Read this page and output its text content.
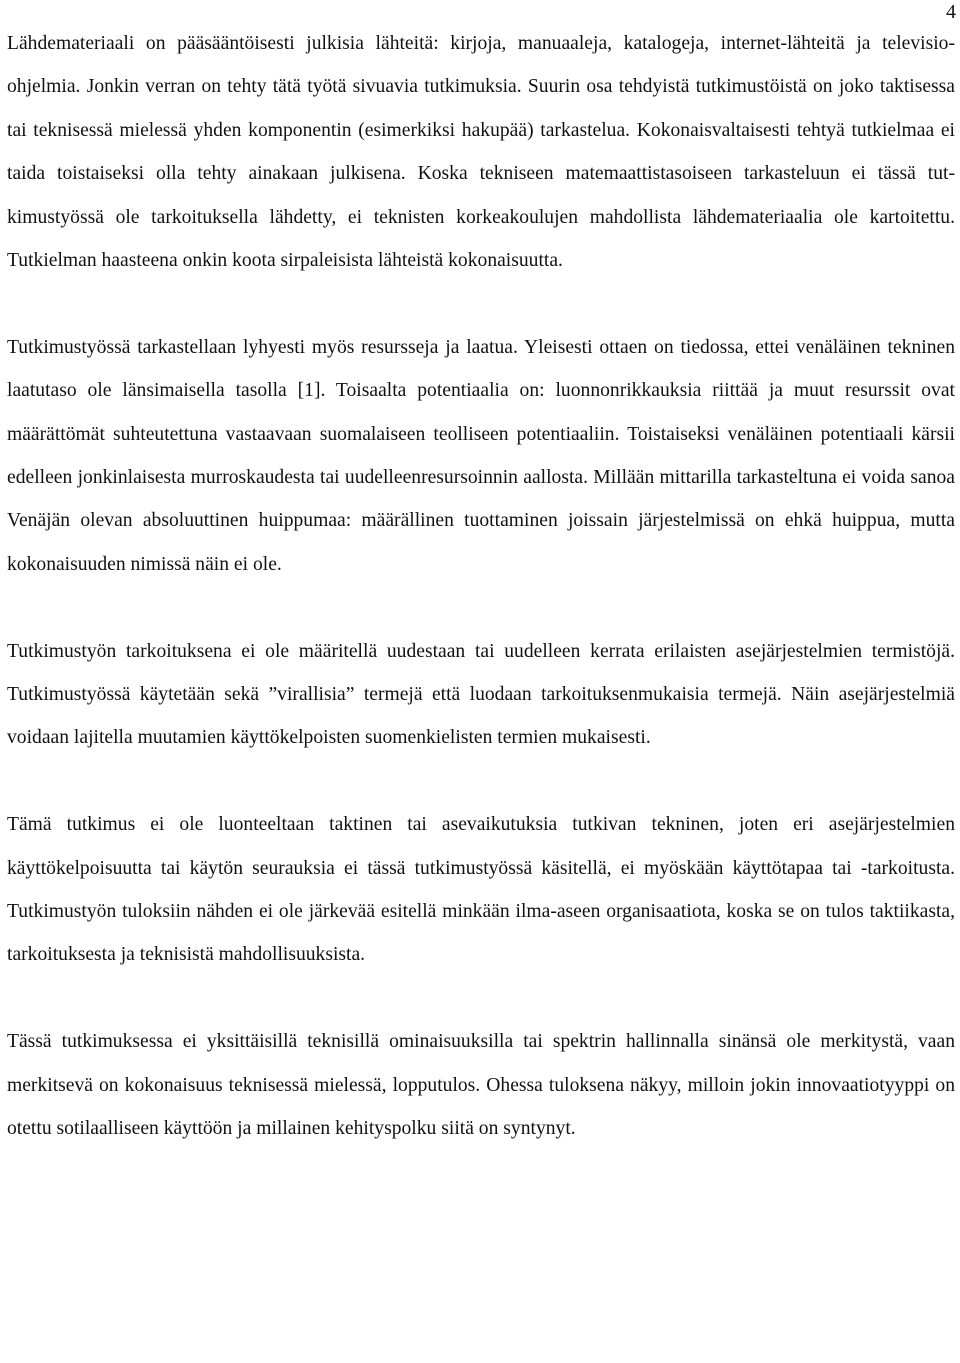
4

Lähdemateriaali on pääsääntöisesti julkisia lähteitä: kirjoja, manuaaleja, katalogeja, internet-lähteitä ja televisio-ohjelmia. Jonkin verran on tehty tätä työtä sivuavia tutkimuksia. Suurin osa tehdyistä tutkimustöistä on joko taktisessa tai teknisessä mielessä yhden komponentin (esimerkiksi hakupää) tarkastelua. Kokonaisvaltaisesti tehtyä tutkielmaa ei taida toistaiseksi olla tehty ainakaan julkisena. Koska tekniseen matemaattistasoiseen tarkasteluun ei tässä tutkimustyössä ole tarkoituksella lähdetty, ei teknisten korkeakoulujen mahdollista lähdemateriaalia ole kartoitettu. Tutkielman haasteena onkin koota sirpaleisista lähteistä kokonaisuutta.

Tutkimustyössä tarkastellaan lyhyesti myös resursseja ja laatua. Yleisesti ottaen on tiedossa, ettei venäläinen tekninen laatutaso ole länsimaisella tasolla [1]. Toisaalta potentiaalia on: luonnonrikkauksia riittää ja muut resurssit ovat määrättömät suhteutettuna vastaavaan suomalaiseen teolliseen potentiaaliin. Toistaiseksi venäläinen potentiaali kärsii edelleen jonkinlaisesta murroskaudesta tai uudelleenresursoinnin aallosta. Millään mittarilla tarkasteltuna ei voida sanoa Venäjän olevan absoluuttinen huippumaa: määrällinen tuottaminen joissain järjestelmissä on ehkä huippua, mutta kokonaisuuden nimissä näin ei ole.

Tutkimustyön tarkoituksena ei ole määritellä uudestaan tai uudelleen kerrata erilaisten asejärjestelmien termistöjä. Tutkimustyössä käytetään sekä ”virallisia” termejä että luodaan tarkoituksenmukaisia termejä. Näin asejärjestelmiä voidaan lajitella muutamien käyttökelpoisten suomenkielisten termien mukaisesti.

Tämä tutkimus ei ole luonteeltaan taktinen tai asevaikutuksia tutkivan tekninen, joten eri asejärjestelmien käyttökelpoisuutta tai käytön seurauksia ei tässä tutkimustyössä käsitellä, ei myöskään käyttötapaa tai -tarkoitusta. Tutkimustyön tuloksiin nähden ei ole järkevää esitellä minkään ilma-aseen organisaatiota, koska se on tulos taktiikasta, tarkoituksesta ja teknisistä mahdollisuuksista.

Tässä tutkimuksessa ei yksittäisillä teknisillä ominaisuuksilla tai spektrin hallinnalla sinänsä ole merkitystä, vaan merkitsevä on kokonaisuus teknisessä mielessä, lopputulos. Ohessa tuloksena näkyy, milloin jokin innovaatiotyyppi on otettu sotilaalliseen käyttöön ja millainen kehityspolku siitä on syntynyt.
